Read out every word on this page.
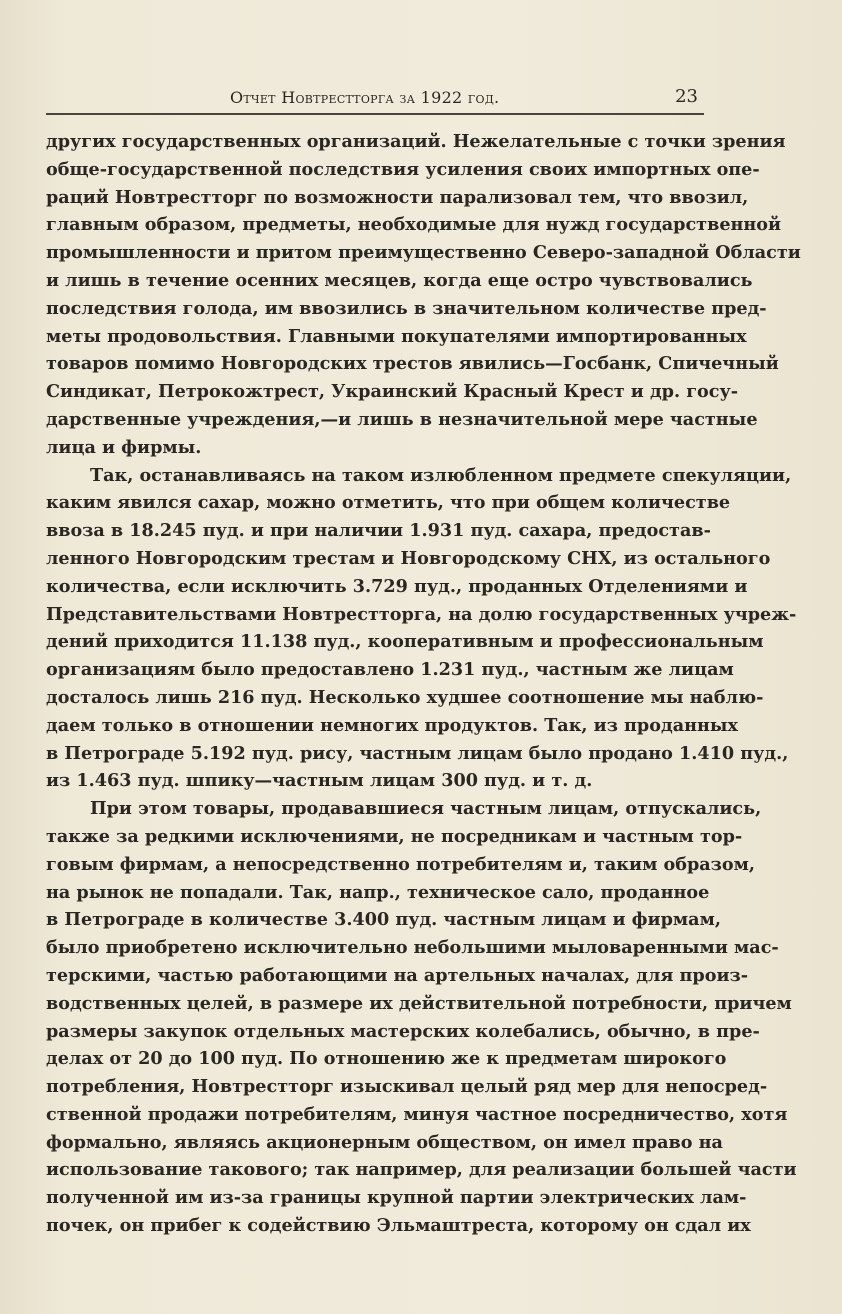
Отчет Новтрестторга за 1922 год.	23
других государственных организаций. Нежелательные с точки зрения
обще-государственной последствия усиления своих импортных опе-
раций Новтрестторг по возможности парализовал тем, что ввозил,
главным образом, предметы, необходимые для нужд государственной
промышленности и притом преимущественно Северо-западной Области
и лишь в течение осенних месяцев, когда еще остро чувствовались
последствия голода, им ввозились в значительном количестве пред-
меты продовольствия. Главными покупателями импортированных
товаров помимо Новгородских трестов явились—Госбанк, Спичечный
Синдикат, Петрокожтрест, Украинский Красный Крест и др. госу-
дарственные учреждения,—и лишь в незначительной мере частные
лица и фирмы.
Так, останавливаясь на таком излюбленном предмете спекуляции,
каким явился сахар, можно отметить, что при общем количестве
ввоза в 18.245 пуд. и при наличии 1.931 пуд. сахара, предостав-
ленного Новгородским трестам и Новгородскому СНХ, из остального
количества, если исключить 3.729 пуд., проданных Отделениями и
Представительствами Новтрестторга, на долю государственных учреж-
дений приходится 11.138 пуд., кооперативным и профессиональным
организациям было предоставлено 1.231 пуд., частным же лицам
досталось лишь 216 пуд. Несколько худшее соотношение мы наблю-
даем только в отношении немногих продуктов. Так, из проданных
в Петрограде 5.192 пуд. рису, частным лицам было продано 1.410 пуд.,
из 1.463 пуд. шпику—частным лицам 300 пуд. и т. д.
При этом товары, продававшиеся частным лицам, отпускались,
также за редкими исключениями, не посредникам и частным тор-
говым фирмам, а непосредственно потребителям и, таким образом,
на рынок не попадали. Так, напр., техническое сало, проданное
в Петрограде в количестве 3.400 пуд. частным лицам и фирмам,
было приобретено исключительно небольшими мыловаренными мас-
терскими, частью работающими на артельных началах, для произ-
водственных целей, в размере их действительной потребности, причем
размеры закупок отдельных мастерских колебались, обычно, в пре-
делах от 20 до 100 пуд. По отношению же к предметам широкого
потребления, Новтрестторг изыскивал целый ряд мер для непосред-
ственной продажи потребителям, минуя частное посредничество, хотя
формально, являясь акционерным обществом, он имел право на
использование такового; так например, для реализации большей части
полученной им из-за границы крупной партии электрических лам-
почек, он прибег к содействию Эльмаштреста, которому он сдал их
